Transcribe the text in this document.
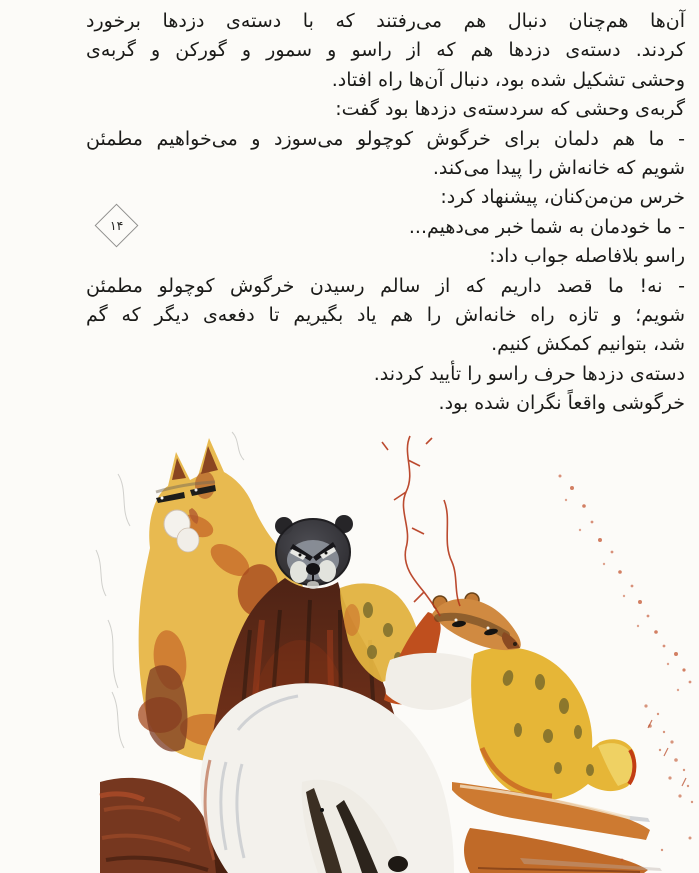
آن‌ها هم‌چنان دنبال هم می‌رفتند که با دسته‌ی دزدها برخورد
کردند. دسته‌ی دزدها هم که از راسو و سمور و گورکن و گربه‌ی
وحشی تشکیل شده بود، دنبال آن‌ها راه افتاد.
گربه‌ی وحشی که سردسته‌ی دزدها بود گفت:
- ما هم دلمان برای خرگوش کوچولو می‌سوزد و می‌خواهیم مطمئن
شویم که خانه‌اش را پیدا می‌کند.
خرس من‌من‌کنان، پیشنهاد کرد:
- ما خودمان به شما خبر می‌دهیم...
راسو بلافاصله جواب داد:
- نه! ما قصد داریم که از سالم رسیدن خرگوش کوچولو مطمئن
شویم؛ و تازه راه خانه‌اش را هم یاد بگیریم تا دفعه‌ی دیگر که گم
شد، بتوانیم کمکش کنیم.
دسته‌ی دزدها حرف راسو را تأیید کردند.
خرگوشی واقعاً نگران شده بود.
۱۴
